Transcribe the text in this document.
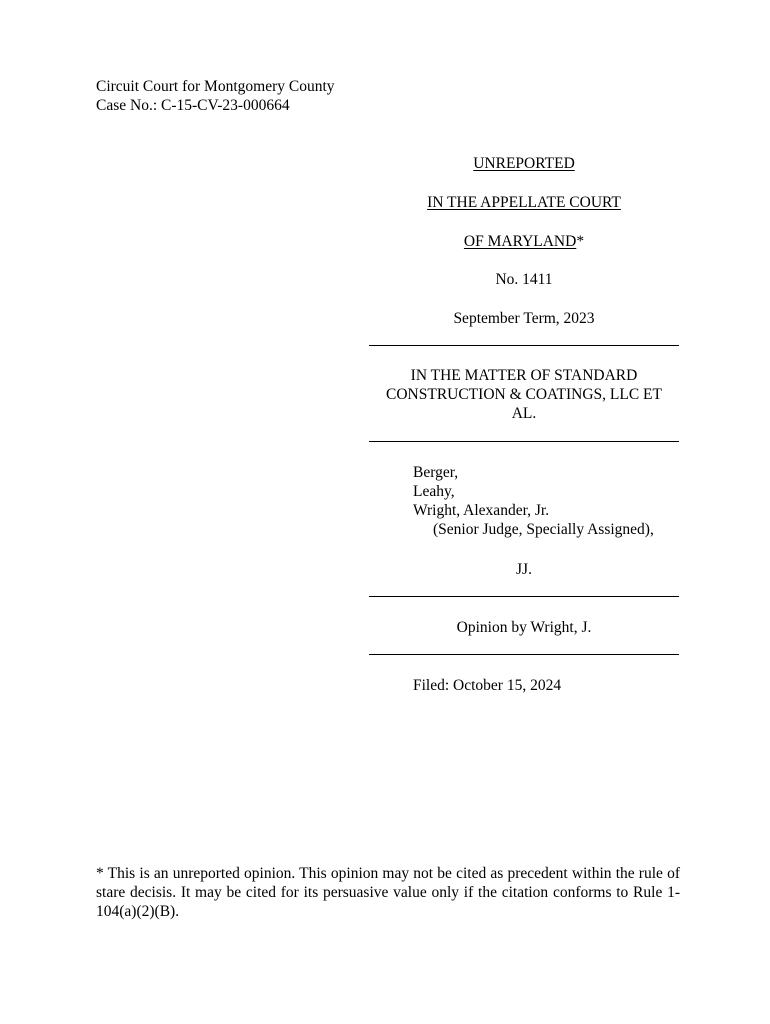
Circuit Court for Montgomery County
Case No.: C-15-CV-23-000664
UNREPORTED
IN THE APPELLATE COURT
OF MARYLAND*
No. 1411
September Term, 2023
IN THE MATTER OF STANDARD
CONSTRUCTION & COATINGS, LLC ET
AL.
Berger,
Leahy,
Wright, Alexander, Jr.
(Senior Judge, Specially Assigned),
JJ.
Opinion by Wright, J.
Filed: October 15, 2024
* This is an unreported opinion. This opinion may not be cited as precedent within the rule of stare decisis. It may be cited for its persuasive value only if the citation conforms to Rule 1-104(a)(2)(B).
